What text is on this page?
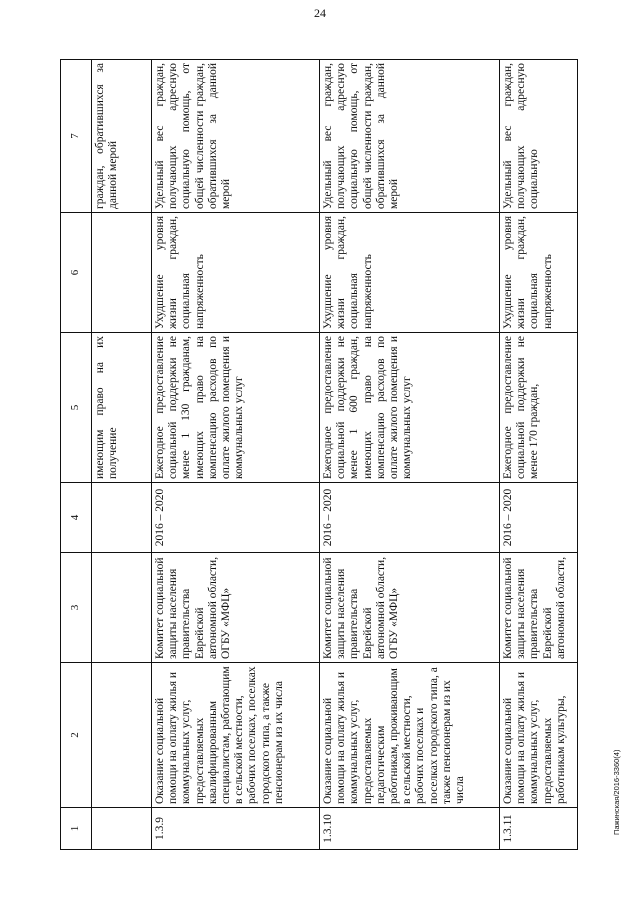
24
Пажинская/2016-3360(4)
1	2	3	4	5	6	7
				имеющим право на их получение		граждан, обратившихся за данной мерой
1.3.9	Оказание социальной помощи на оплату жилья и коммунальных услуг, предоставляемых квалифицированным специалистам, работающим в сельской местности, рабочих поселках, поселках городского типа, а также пенсионерам из их числа	Комитет социальной защиты населения правительства Еврейской автономной области, ОГБУ «МФЦ»	2016 – 2020	Ежегодное предоставление социальной поддержки не менее 1 130 гражданам, имеющих право на компенсацию расходов по оплате жилого помещения и коммунальных услуг	Ухудшение уровня жизни граждан, социальная напряженность	Удельный вес граждан, получающих адресную социальную помощь, от общей численности граждан, обратившихся за данной мерой
1.3.10	Оказание социальной помощи на оплату жилья и коммунальных услуг, предоставляемых педагогическим работникам, проживающим в сельской местности, рабочих поселках и поселках городского типа, а также пенсионерам из их числа	Комитет социальной защиты населения правительства Еврейской автономной области, ОГБУ «МФЦ»	2016 – 2020	Ежегодное предоставление социальной поддержки не менее 1 600 граждан, имеющих право на компенсацию расходов по оплате жилого помещения и коммунальных услуг	Ухудшение уровня жизни граждан, социальная напряженность	Удельный вес граждан, получающих адресную социальную помощь, от общей численности граждан, обратившихся за данной мерой
1.3.11	Оказание социальной помощи на оплату жилья и коммунальных услуг, предоставляемых работникам культуры,	Комитет социальной защиты населения правительства Еврейской автономной области,	2016 – 2020	Ежегодное предоставление социальной поддержки не менее 170 граждан,	Ухудшение уровня жизни граждан, социальная напряженность	Удельный вес граждан, получающих адресную социальную
